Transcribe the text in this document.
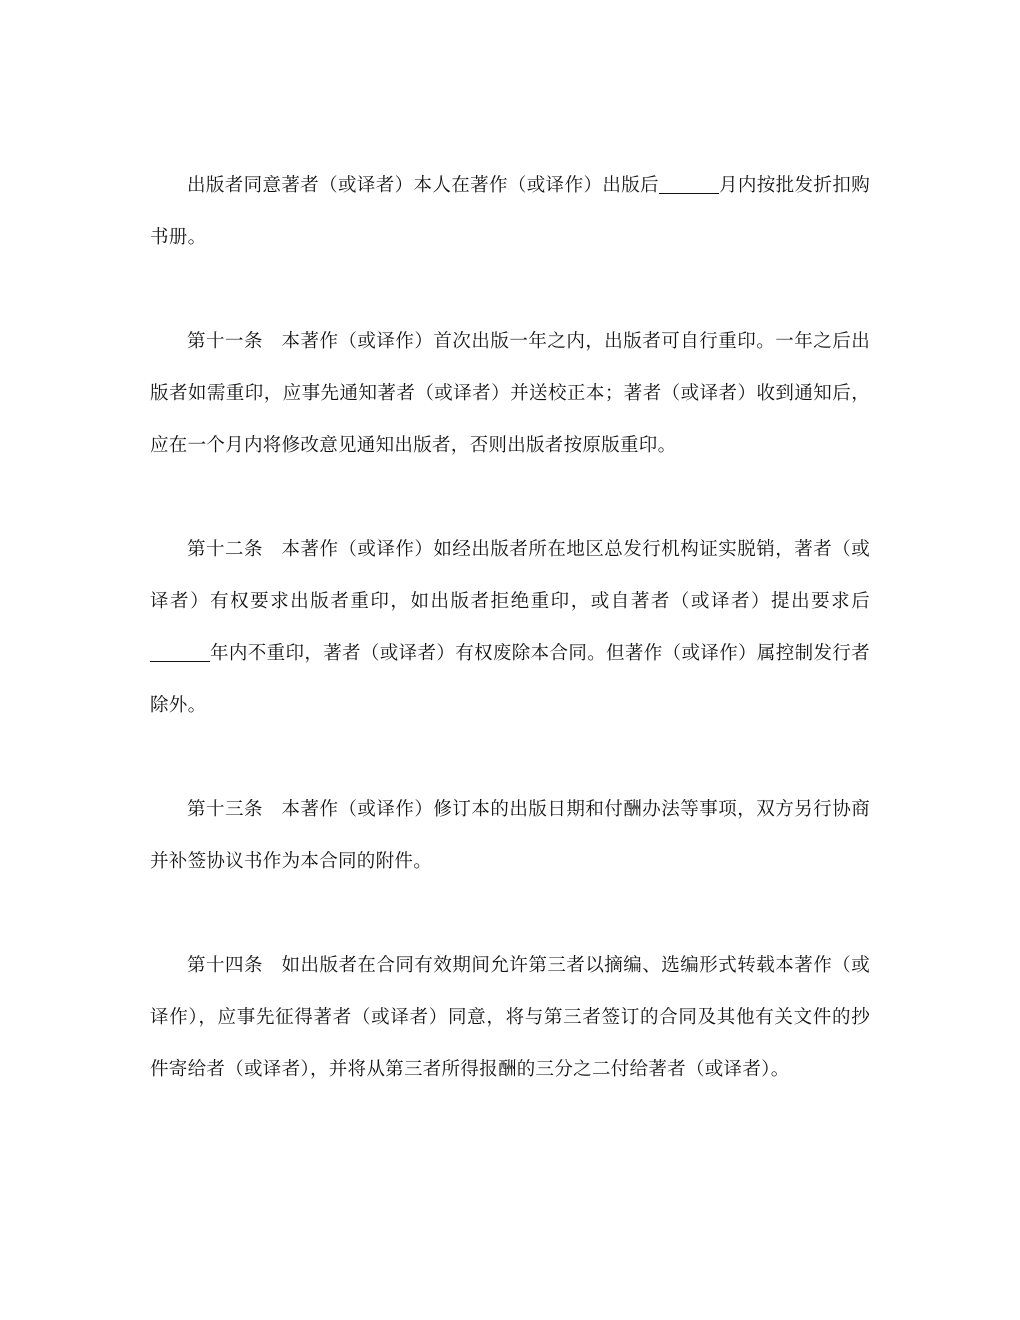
出版者同意著者（或译者）本人在著作（或译作）出版后	月内按批发折扣购书册。

第十一条 本著作（或译作）首次出版一年之内，出版者可自行重印。一年之后出版者如需重印，应事先通知著者（或译者）并送校正本；著者（或译者）收到通知后，应在一个月内将修改意见通知出版者，否则出版者按原版重印。

第十二条 本著作（或译作）如经出版者所在地区总发行机构证实脱销，著者（或译者）有权要求出版者重印，如出版者拒绝重印，或自著者（或译者）提出要求后年内不重印，著者（或译者）有权废除本合同。但著作（或译作）属控制发行者除外。

第十三条 本著作（或译作）修订本的出版日期和付酬办法等事项，双方另行协商并补签协议书作为本合同的附件。

第十四条 如出版者在合同有效期间允许第三者以摘编、选编形式转载本著作（或译作），应事先征得著者（或译者）同意，将与第三者签订的合同及其他有关文件的抄件寄给者（或译者），并将从第三者所得报酬的三分之二付给著者（或译者）。
